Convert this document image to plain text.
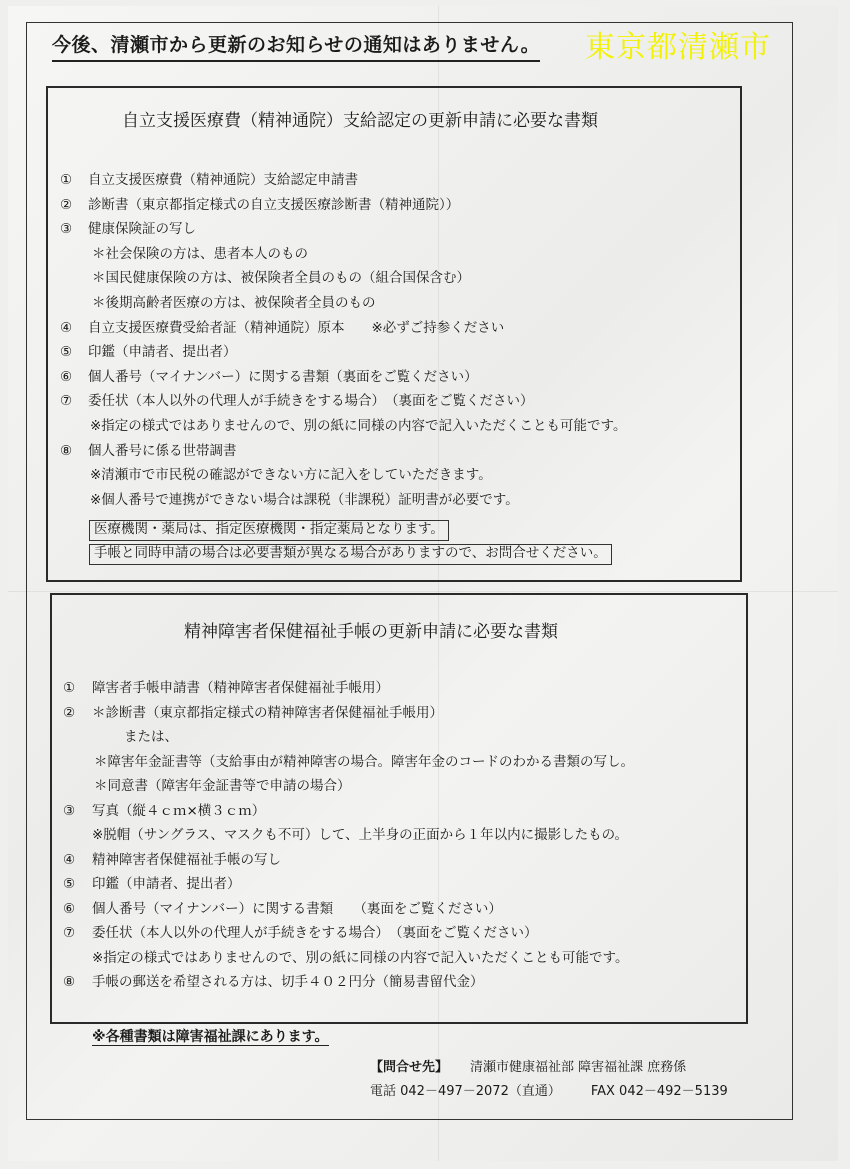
今後、清瀬市から更新のお知らせの通知はありません。 東京都清瀬市
自立支援医療費（精神通院）支給認定の更新申請に必要な書類
① 自立支援医療費（精神通院）支給認定申請書
② 診断書（東京都指定様式の自立支援医療診断書（精神通院））
③ 健康保険証の写し
＊社会保険の方は、患者本人のもの
＊国民健康保険の方は、被保険者全員のもの（組合国保含む）
＊後期高齢者医療の方は、被保険者全員のもの
④ 自立支援医療費受給者証（精神通院）原本　　※必ずご持参ください
⑤ 印鑑（申請者、提出者）
⑥ 個人番号（マイナンバー）に関する書類（裏面をご覧ください）
⑦ 委任状（本人以外の代理人が手続きをする場合）　（裏面をご覧ください）
※指定の様式ではありませんので、別の紙に同様の内容で記入いただくことも可能です。
⑧ 個人番号に係る世帯調書
※清瀬市で市民税の確認ができない方に記入をしていただきます。
※個人番号で連携ができない場合は課税（非課税）証明書が必要です。
医療機関・薬局は、指定医療機関・指定薬局となります。
手帳と同時申請の場合は必要書類が異なる場合がありますので、お問合せください。
精神障害者保健福祉手帳の更新申請に必要な書類
① 障害者手帳申請書（精神障害者保健福祉手帳用）
② ＊診断書（東京都指定様式の精神障害者保健福祉手帳用）
または、
＊障害年金証書等（支給事由が精神障害の場合。障害年金のコードのわかる書類の写し。
＊同意書（障害年金証書等で申請の場合）
③ 写真（縦４ｃｍ×横３ｃｍ）
※脱帽（サングラス、マスクも不可）して、上半身の正面から１年以内に撮影したもの。
④ 精神障害者保健福祉手帳の写し
⑤ 印鑑（申請者、提出者）
⑥ 個人番号（マイナンバー）に関する書類　　（裏面をご覧ください）
⑦ 委任状（本人以外の代理人が手続きをする場合）　（裏面をご覧ください）
※指定の様式ではありませんので、別の紙に同様の内容で記入いただくことも可能です。
⑧ 手帳の郵送を希望される方は、切手４０２円分（簡易書留代金）
※各種書類は障害福祉課にあります。
【問合せ先】 清瀬市健康福祉部 障害福祉課 庶務係
電話 042－497－2072（直通） FAX 042－492－5139
